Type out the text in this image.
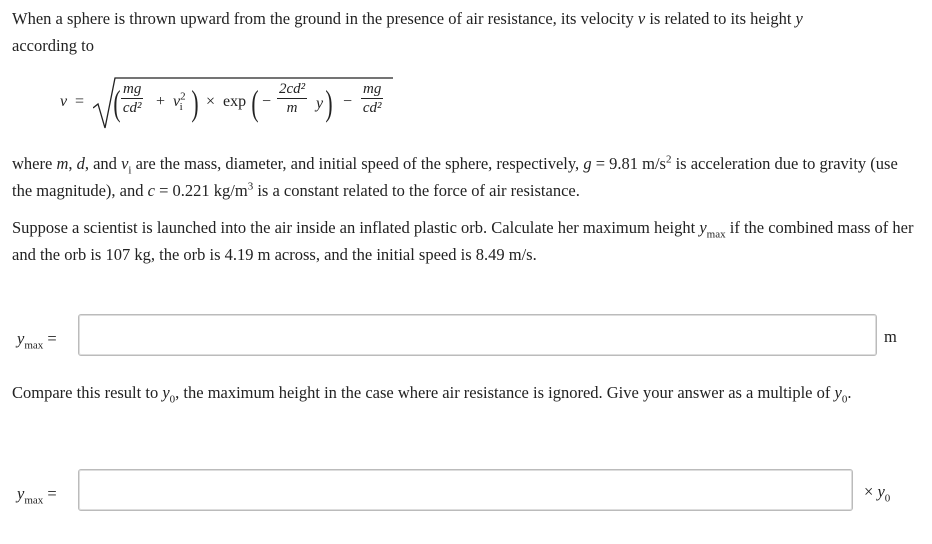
When a sphere is thrown upward from the ground in the presence of air resistance, its velocity v is related to its height y
according to
v = ( $\frac{mg}{\text{cd²}} + v^2_i$ ) × exp ( − $\frac{\text{2cd²}}{m}$ y ) − $\frac{mg}{\text{cd²}}$
where m, d, and $v_i$ are the mass, diameter, and initial speed of the sphere, respectively, g = 9.81 $m/s^2$ is acceleration due to gravity (use the magnitude), and c = 0.221 $kg/m^3$ is a constant related to the force of air resistance.
Suppose a scientist is launched into the air inside an inflated plastic orb. Calculate her maximum height $y_{max}$ if the combined mass of her and the orb is 107 kg, the orb is 4.19 m across, and the initial speed is 8.49 m/s.
$y_{max}$ =	m
Compare this result to $y_0$, the maximum height in the case where air resistance is ignored. Give your answer as a multiple of $y_0$.
$y_{max}$ =	× $y_0$
